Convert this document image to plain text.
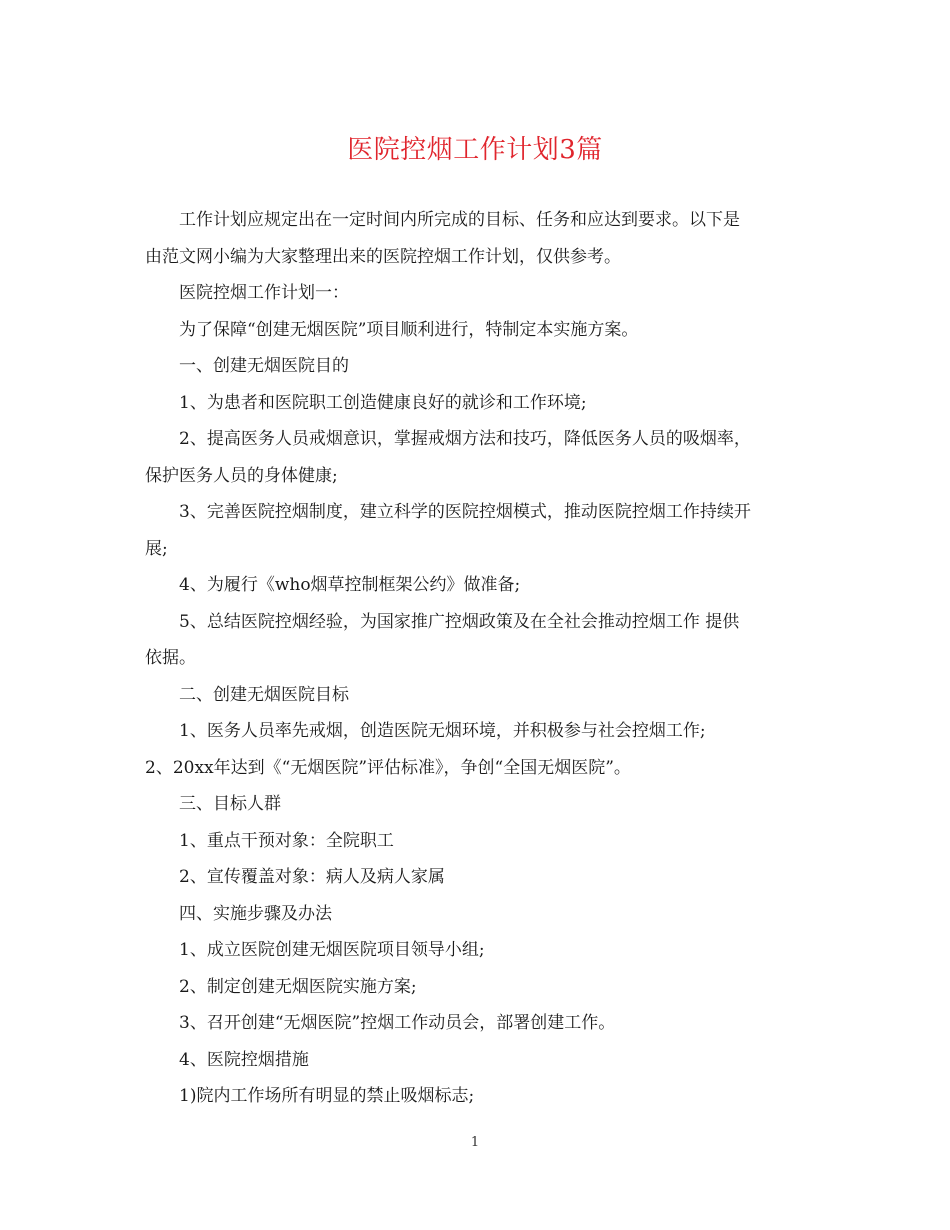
医院控烟工作计划3篇

工作计划应规定出在一定时间内所完成的目标、任务和应达到要求。以下是

由范文网小编为大家整理出来的医院控烟工作计划，仅供参考。

医院控烟工作计划一：

为了保障“创建无烟医院”项目顺利进行，特制定本实施方案。

一、创建无烟医院目的

1、为患者和医院职工创造健康良好的就诊和工作环境;

2、提高医务人员戒烟意识，掌握戒烟方法和技巧，降低医务人员的吸烟率，

保护医务人员的身体健康;

3、完善医院控烟制度，建立科学的医院控烟模式，推动医院控烟工作持续开

展;

4、为履行《who烟草控制框架公约》做准备;

5、总结医院控烟经验，为国家推广控烟政策及在全社会推动控烟工作 提供

依据。

二、创建无烟医院目标

1、医务人员率先戒烟，创造医院无烟环境，并积极参与社会控烟工作;

2、20xx年达到《“无烟医院”评估标准》，争创“全国无烟医院”。

三、目标人群

1、重点干预对象：全院职工

2、宣传覆盖对象：病人及病人家属

四、实施步骤及办法

1、成立医院创建无烟医院项目领导小组;

2、制定创建无烟医院实施方案;

3、召开创建“无烟医院”控烟工作动员会，部署创建工作。

4、医院控烟措施

1)院内工作场所有明显的禁止吸烟标志;

1
